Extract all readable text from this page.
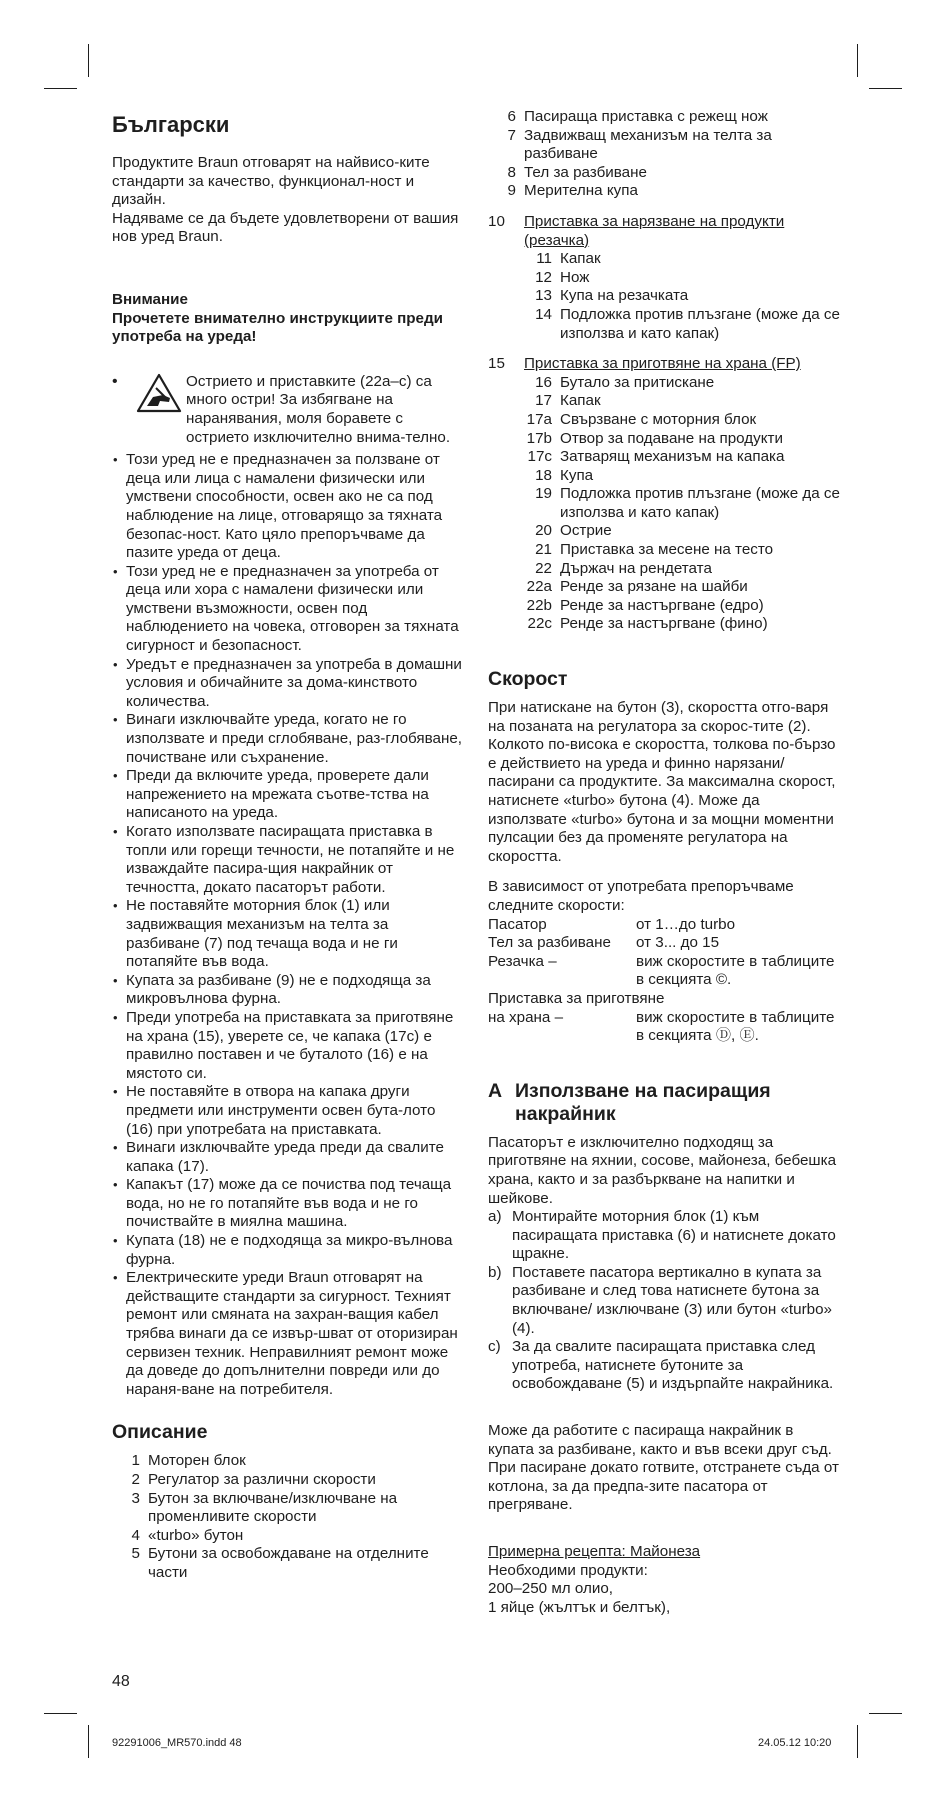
Български

Продуктите Braun отговарят на найвисо-ките стандарти за качество, функционал-ност и дизайн.

Надяваме се да бъдете удовлетворени от вашия нов уред Braun.

Внимание

Прочетете внимателно инструкциите преди употреба на уреда!

•	Острието и приставките (22a–c) са много остри! За избягване на наранявания, моля боравете с острието изключително внима-телно.
• Този уред не е предназначен за ползване от деца или лица с намалени физически или умствени способности, освен ако не са под наблюдение на лице, отговарящо за тяхната безопас-ност. Като цяло препоръчваме да пазите уреда от деца.
• Този уред не е предназначен за употреба от деца или хора с намалени физически или умствени възможности, освен под наблюдението на човека, отговорен за тяхната сигурност и безопасност.
• Уредът е предназначен за употреба в домашни условия и обичайните за дома-кинството количества.
• Винаги изключвайте уреда, когато не го използвате и преди сглобяване, раз-глобяване, почистване или съхранение.
• Преди да включите уреда, проверете дали напрежението на мрежата съотве-тства на написаното на уреда.
• Когато използвате пасиращата приставка в топли или горещи течности, не потапяйте и не изваждайте пасира-щия накрайник от течността, докато пасаторът работи.
• Не поставяйте моторния блок (1) или задвижващия механизъм на телта за разбиване (7) под течаща вода и не ги потапяйте във вода.
• Купата за разбиване (9) не е подходяща за микровълнова фурна.
• Преди употреба на приставката за приготвяне на храна (15), уверете се, че капака (17c) е правилно поставен и че буталото (16) е на мястото си.
• Не поставяйте в отвора на капака други предмети или инструменти освен бута-лото (16) при употребата на приставката.
• Винаги изключвайте уреда преди да свалите капака (17).
• Капакът (17) може да се почиства под течаща вода, но не го потапяйте във вода и не го почиствайте в миялна машина.
• Купата (18) не е подходяща за микро-вълнова фурна.
• Електрическите уреди Braun отговарят на действащите стандарти за сигурност. Техният ремонт или смяната на захран-ващия кабел трябва винаги да се извър-шват от оторизиран сервизен техник. Неправилният ремонт може да доведе до допълнителни повреди или до нараня-ване на потребителя.
Описание
1 Моторен блок
2 Регулатор за различни скорости
3 Бутон за включване/изключване на променливите скорости
4 «turbo» бутон
5 Бутони за освобождаване на отделните части
6 Пасираща приставка с режещ нож
7 Задвижващ механизъм на телта за разбиване
8 Тел за разбиване
9 Мерителна купа
10	Приставка за нарязване на продукти (резачка)
11 Капак
12 Нож
13 Купа на резачката
14 Подложка против плъзгане (може да се използва и като капак)
15	Приставка за приготвяне на храна (FP)
16 Бутало за притискане
17 Капак
17a Свързване с моторния блок
17b Отвор за подаване на продукти
17c Затварящ механизъм на капака
18 Купа
19 Подложка против плъзгане (може да се използва и като капак)
20 Острие
21 Приставка за месене на тесто
22 Държач на рендетата
22a Ренде за рязане на шайби
22b Ренде за настъргване (едро)
22c Ренде за настъргване (фино)
Скорост

При натискане на бутон (3), скоростта отго-варя на позаната на регулатора за скорос-тите (2). Колкото по-висока е скоростта, толкова по-бързо е действието на уреда и финно нарязани/пасирани са продуктите. За максимална скорост, натиснете «turbo» бутона (4). Може да използвате «turbo» бутона и за мощни моментни пулсации без да променяте регулатора на скоростта.

В зависимост от употребата препоръчваме следните скорости:

Пасатор	от 1…до turbo
Тел за разбиване	от 3... до 15
Резачка –	виж скоростите в таблиците в секцията ©.
Приставка за приготвяне
на храна –	виж скоростите в таблиците в секцията Ⓓ, Ⓔ.
A Използване на пасиращия накрайник

Пасаторът е изключително подходящ за приготвяне на яхнии, сосове, майонеза, бебешка храна, както и за разбъркване на напитки и шейкове.

a) Монтирайте моторния блок (1) към пасиращата приставка (6) и натиснете докато щракне.
b) Поставете пасатора вертикално в купата за разбиване и след това натиснете бутона за включване/ изключване (3) или бутон «turbo» (4).
c) За да свалите пасиращата приставка след употреба, натиснете бутоните за освобождаване (5) и издърпайте накрайника.

Може да работите с пасираща накрайник в купата за разбиване, както и във всеки друг съд. При пасиране докато готвите, отстранете съда от котлона, за да предпа-зите пасатора от прегряване.

Примерна рецепта: Майонеза

Необходими продукти:

200–250 мл олио,

1 яйце (жълтък и белтък),

48
92291006_MR570.indd 48	24.05.12 10:20
